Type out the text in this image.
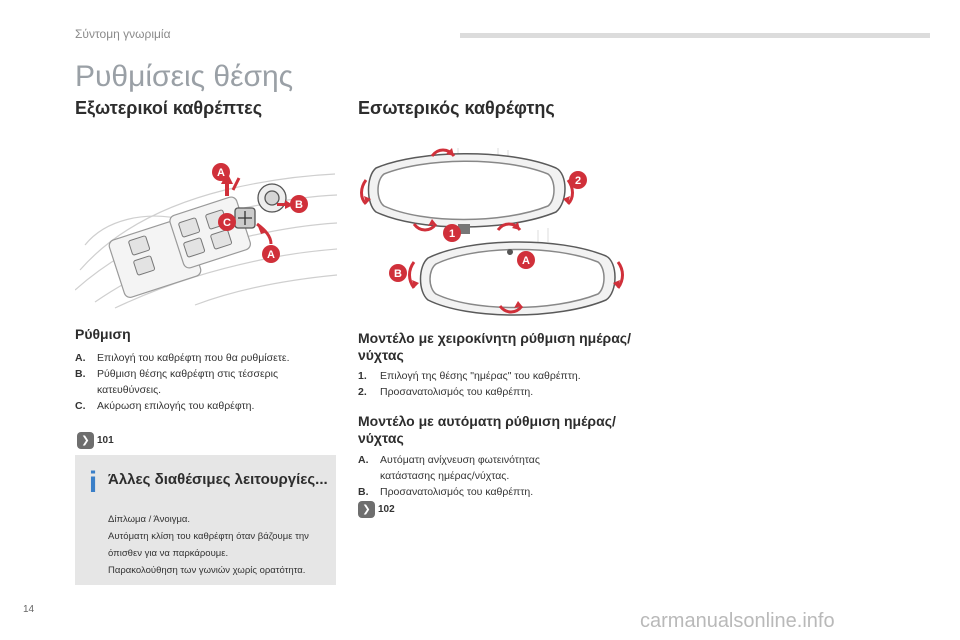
Σύντομη γνωριμία
Ρυθμίσεις θέσης
Εξωτερικοί καθρέπτες
A
B
C
A
Ρύθμιση
A.	Επιλογή του καθρέφτη που θα ρυθμίσετε.
B.	Ρύθμιση θέσης καθρέφτη στις τέσσερις κατευθύνσεις.
C.	Ακύρωση επιλογής του καθρέφτη.
❯ 101
i Άλλες διαθέσιμες λειτουργίες...
Δίπλωμα / Άνοιγμα.
Αυτόματη κλίση του καθρέφτη όταν βάζουμε την όπισθεν για να παρκάρουμε.
Παρακολούθηση των γωνιών χωρίς ορατότητα.
Εσωτερικός καθρέφτης
2
1
A
B
Μοντέλο με χειροκίνητη ρύθμιση ημέρας/νύχτας
1.	Επιλογή της θέσης "ημέρας" του καθρέπτη.
2.	Προσανατολισμός του καθρέπτη.
Μοντέλο με αυτόματη ρύθμιση ημέρας/νύχτας
A.	Αυτόματη ανίχνευση φωτεινότητας κατάστασης ημέρας/νύχτας.
B.	Προσανατολισμός του καθρέπτη.
❯ 102
14
carmanualsonline.info
